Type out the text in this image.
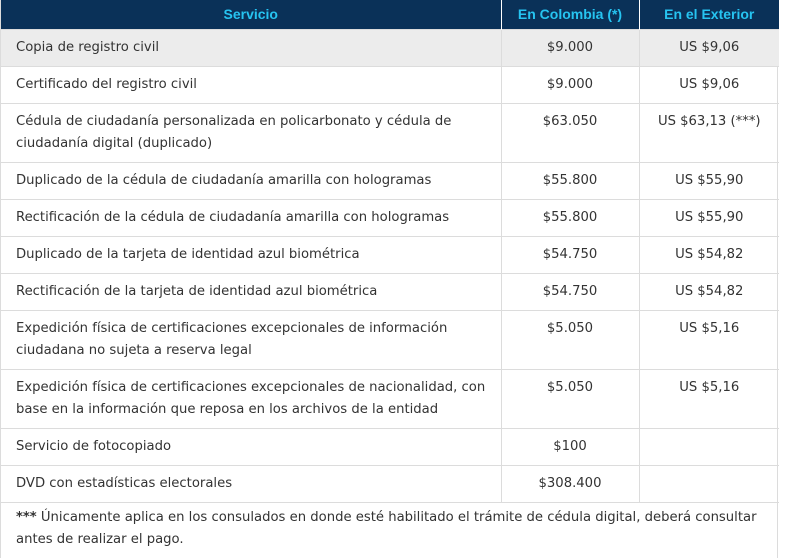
Servicio	En Colombia (*)	En el Exterior
Copia de registro civil	$9.000	US $9,06
Certificado del registro civil	$9.000	US $9,06
Cédula de ciudadanía personalizada en policarbonato y cédula de ciudadanía digital (duplicado)	$63.050	US $63,13 (***)
Duplicado de la cédula de ciudadanía amarilla con hologramas	$55.800	US $55,90
Rectificación de la cédula de ciudadanía amarilla con hologramas	$55.800	US $55,90
Duplicado de la tarjeta de identidad azul biométrica	$54.750	US $54,82
Rectificación de la tarjeta de identidad azul biométrica	$54.750	US $54,82
Expedición física de certificaciones excepcionales de información ciudadana no sujeta a reserva legal	$5.050	US $5,16
Expedición física de certificaciones excepcionales de nacionalidad, con base en la información que reposa en los archivos de la entidad	$5.050	US $5,16
Servicio de fotocopiado	$100	
DVD con estadísticas electorales	$308.400	
*** Únicamente aplica en los consulados en donde esté habilitado el trámite de cédula digital, deberá consultar antes de realizar el pago.
